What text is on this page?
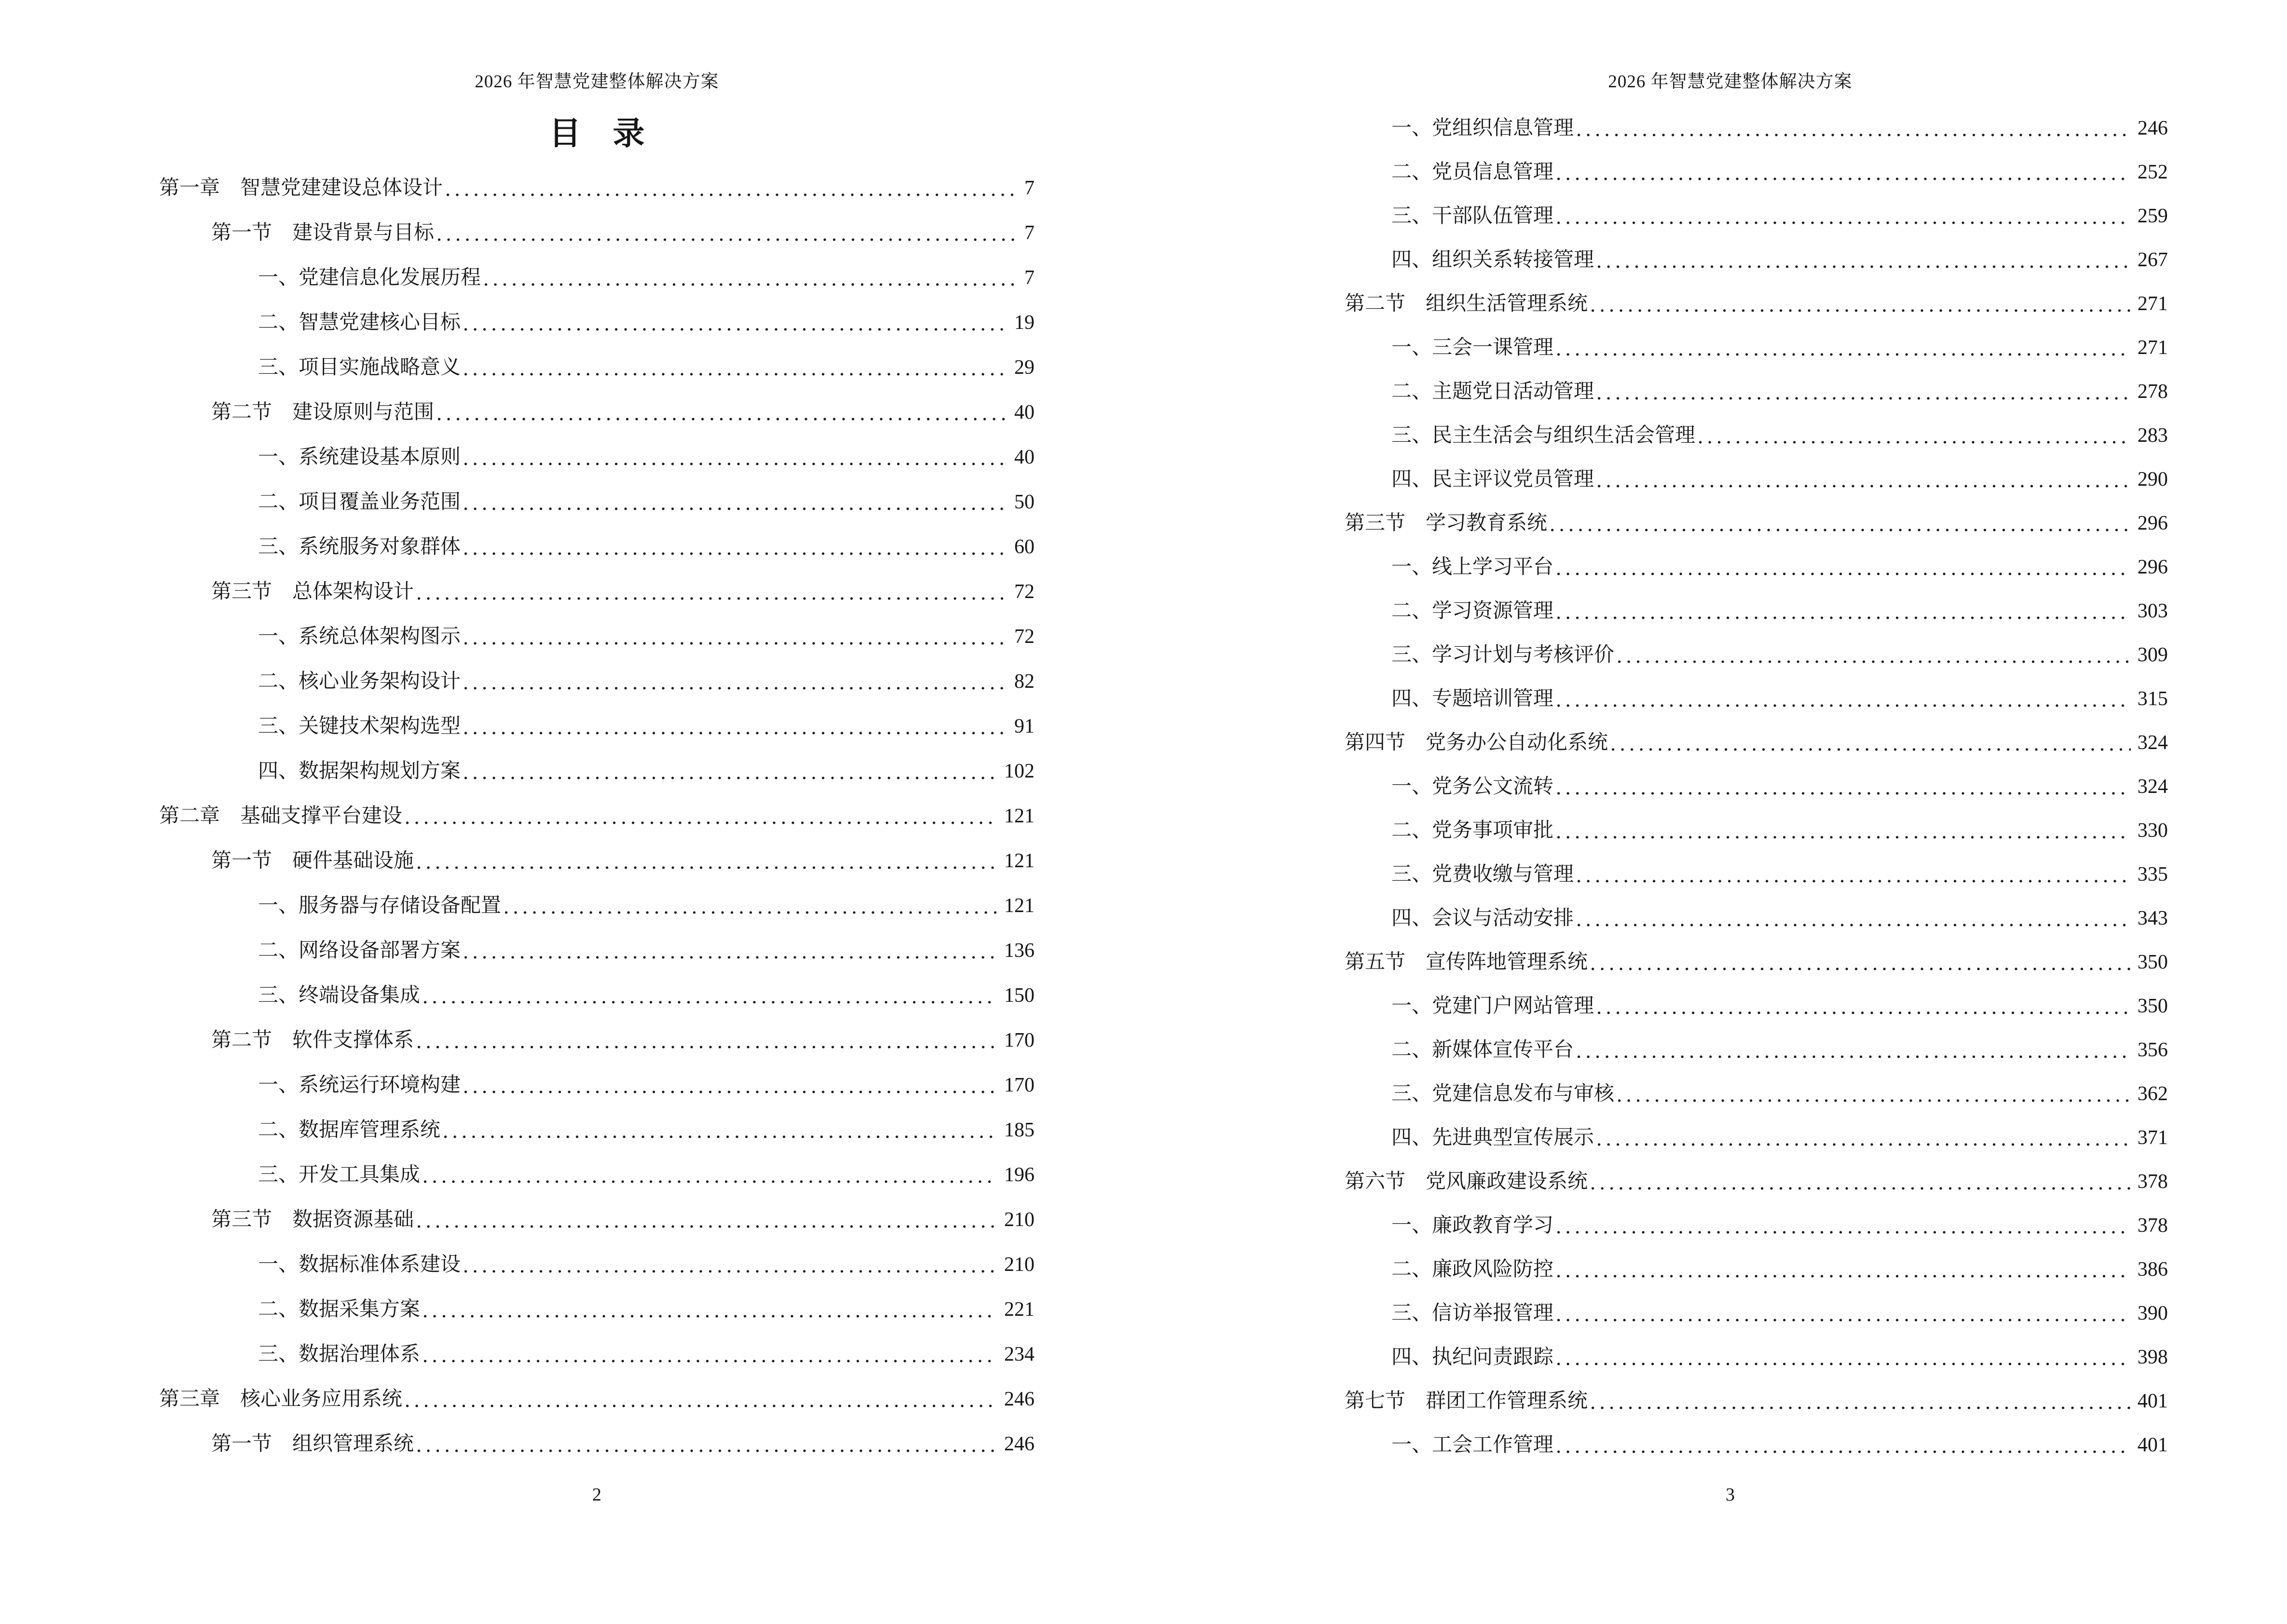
2026 年智慧党建整体解决方案
目　录
第一章　智慧党建建设总体设计	7
第一节　建设背景与目标	7
一、党建信息化发展历程	7
二、智慧党建核心目标	19
三、项目实施战略意义	29
第二节　建设原则与范围	40
一、系统建设基本原则	40
二、项目覆盖业务范围	50
三、系统服务对象群体	60
第三节　总体架构设计	72
一、系统总体架构图示	72
二、核心业务架构设计	82
三、关键技术架构选型	91
四、数据架构规划方案	102
第二章　基础支撑平台建设	121
第一节　硬件基础设施	121
一、服务器与存储设备配置	121
二、网络设备部署方案	136
三、终端设备集成	150
第二节　软件支撑体系	170
一、系统运行环境构建	170
二、数据库管理系统	185
三、开发工具集成	196
第三节　数据资源基础	210
一、数据标准体系建设	210
二、数据采集方案	221
三、数据治理体系	234
第三章　核心业务应用系统	246
第一节　组织管理系统	246
2
2026 年智慧党建整体解决方案
一、党组织信息管理	246
二、党员信息管理	252
三、干部队伍管理	259
四、组织关系转接管理	267
第二节　组织生活管理系统	271
一、三会一课管理	271
二、主题党日活动管理	278
三、民主生活会与组织生活会管理	283
四、民主评议党员管理	290
第三节　学习教育系统	296
一、线上学习平台	296
二、学习资源管理	303
三、学习计划与考核评价	309
四、专题培训管理	315
第四节　党务办公自动化系统	324
一、党务公文流转	324
二、党务事项审批	330
三、党费收缴与管理	335
四、会议与活动安排	343
第五节　宣传阵地管理系统	350
一、党建门户网站管理	350
二、新媒体宣传平台	356
三、党建信息发布与审核	362
四、先进典型宣传展示	371
第六节　党风廉政建设系统	378
一、廉政教育学习	378
二、廉政风险防控	386
三、信访举报管理	390
四、执纪问责跟踪	398
第七节　群团工作管理系统	401
一、工会工作管理	401
3
